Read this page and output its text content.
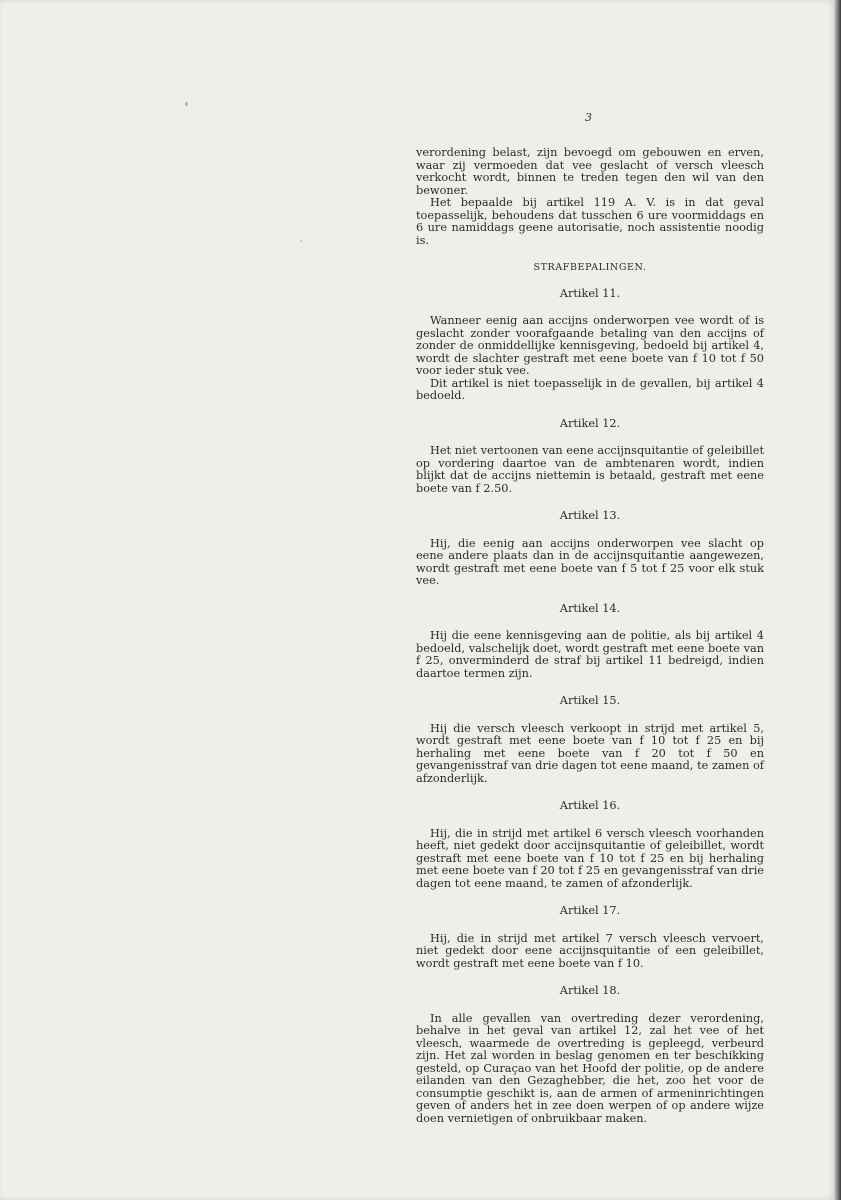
3

verordening belast, zijn bevoegd om gebouwen en erven, waar zij vermoeden dat vee geslacht of versch vleesch verkocht wordt, binnen te treden tegen den wil van den bewoner.

Het bepaalde bij artikel 119 A. V. is in dat geval toepasselijk, behoudens dat tusschen 6 ure voormiddags en 6 ure namiddags geene autorisatie, noch assistentie noodig is.

STRAFBEPALINGEN.
Artikel 11.

Wanneer eenig aan accijns onderworpen vee wordt of is geslacht zonder voorafgaande betaling van den accijns of zonder de onmiddellijke kennisgeving, bedoeld bij artikel 4, wordt de slachter gestraft met eene boete van f 10 tot f 50 voor ieder stuk vee.

Dit artikel is niet toepasselijk in de gevallen, bij artikel 4 bedoeld.

Artikel 12.

Het niet vertoonen van eene accijnsquitantie of geleibillet op vordering daartoe van de ambtenaren wordt, indien blijkt dat de accijns niettemin is betaald, gestraft met eene boete van f 2.50.

Artikel 13.

Hij, die eenig aan accijns onderworpen vee slacht op eene andere plaats dan in de accijnsquitantie aangewezen, wordt gestraft met eene boete van f 5 tot f 25 voor elk stuk vee.

Artikel 14.

Hij die eene kennisgeving aan de politie, als bij artikel 4 bedoeld, valschelijk doet, wordt gestraft met eene boete van f 25, onverminderd de straf bij artikel 11 bedreigd, indien daartoe termen zijn.

Artikel 15.

Hij die versch vleesch verkoopt in strijd met artikel 5, wordt gestraft met eene boete van f 10 tot f 25 en bij herhaling met eene boete van f 20 tot f 50 en gevangenisstraf van drie dagen tot eene maand, te zamen of afzonderlijk.

Artikel 16.

Hij, die in strijd met artikel 6 versch vleesch voorhanden heeft, niet gedekt door accijnsquitantie of geleibillet, wordt gestraft met eene boete van f 10 tot f 25 en bij herhaling met eene boete van f 20 tot f 25 en gevangenisstraf van drie dagen tot eene maand, te zamen of afzonderlijk.

Artikel 17.

Hij, die in strijd met artikel 7 versch vleesch vervoert, niet gedekt door eene accijnsquitantie of een geleibillet, wordt gestraft met eene boete van f 10.

Artikel 18.

In alle gevallen van overtreding dezer verordening, behalve in het geval van artikel 12, zal het vee of het vleesch, waarmede de overtreding is gepleegd, verbeurd zijn. Het zal worden in beslag genomen en ter beschikking gesteld, op Curaçao van het Hoofd der politie, op de andere eilanden van den Gezaghebber, die het, zoo het voor de consumptie geschikt is, aan de armen of armeninrichtingen geven of anders het in zee doen werpen of op andere wijze doen vernietigen of onbruikbaar maken.
